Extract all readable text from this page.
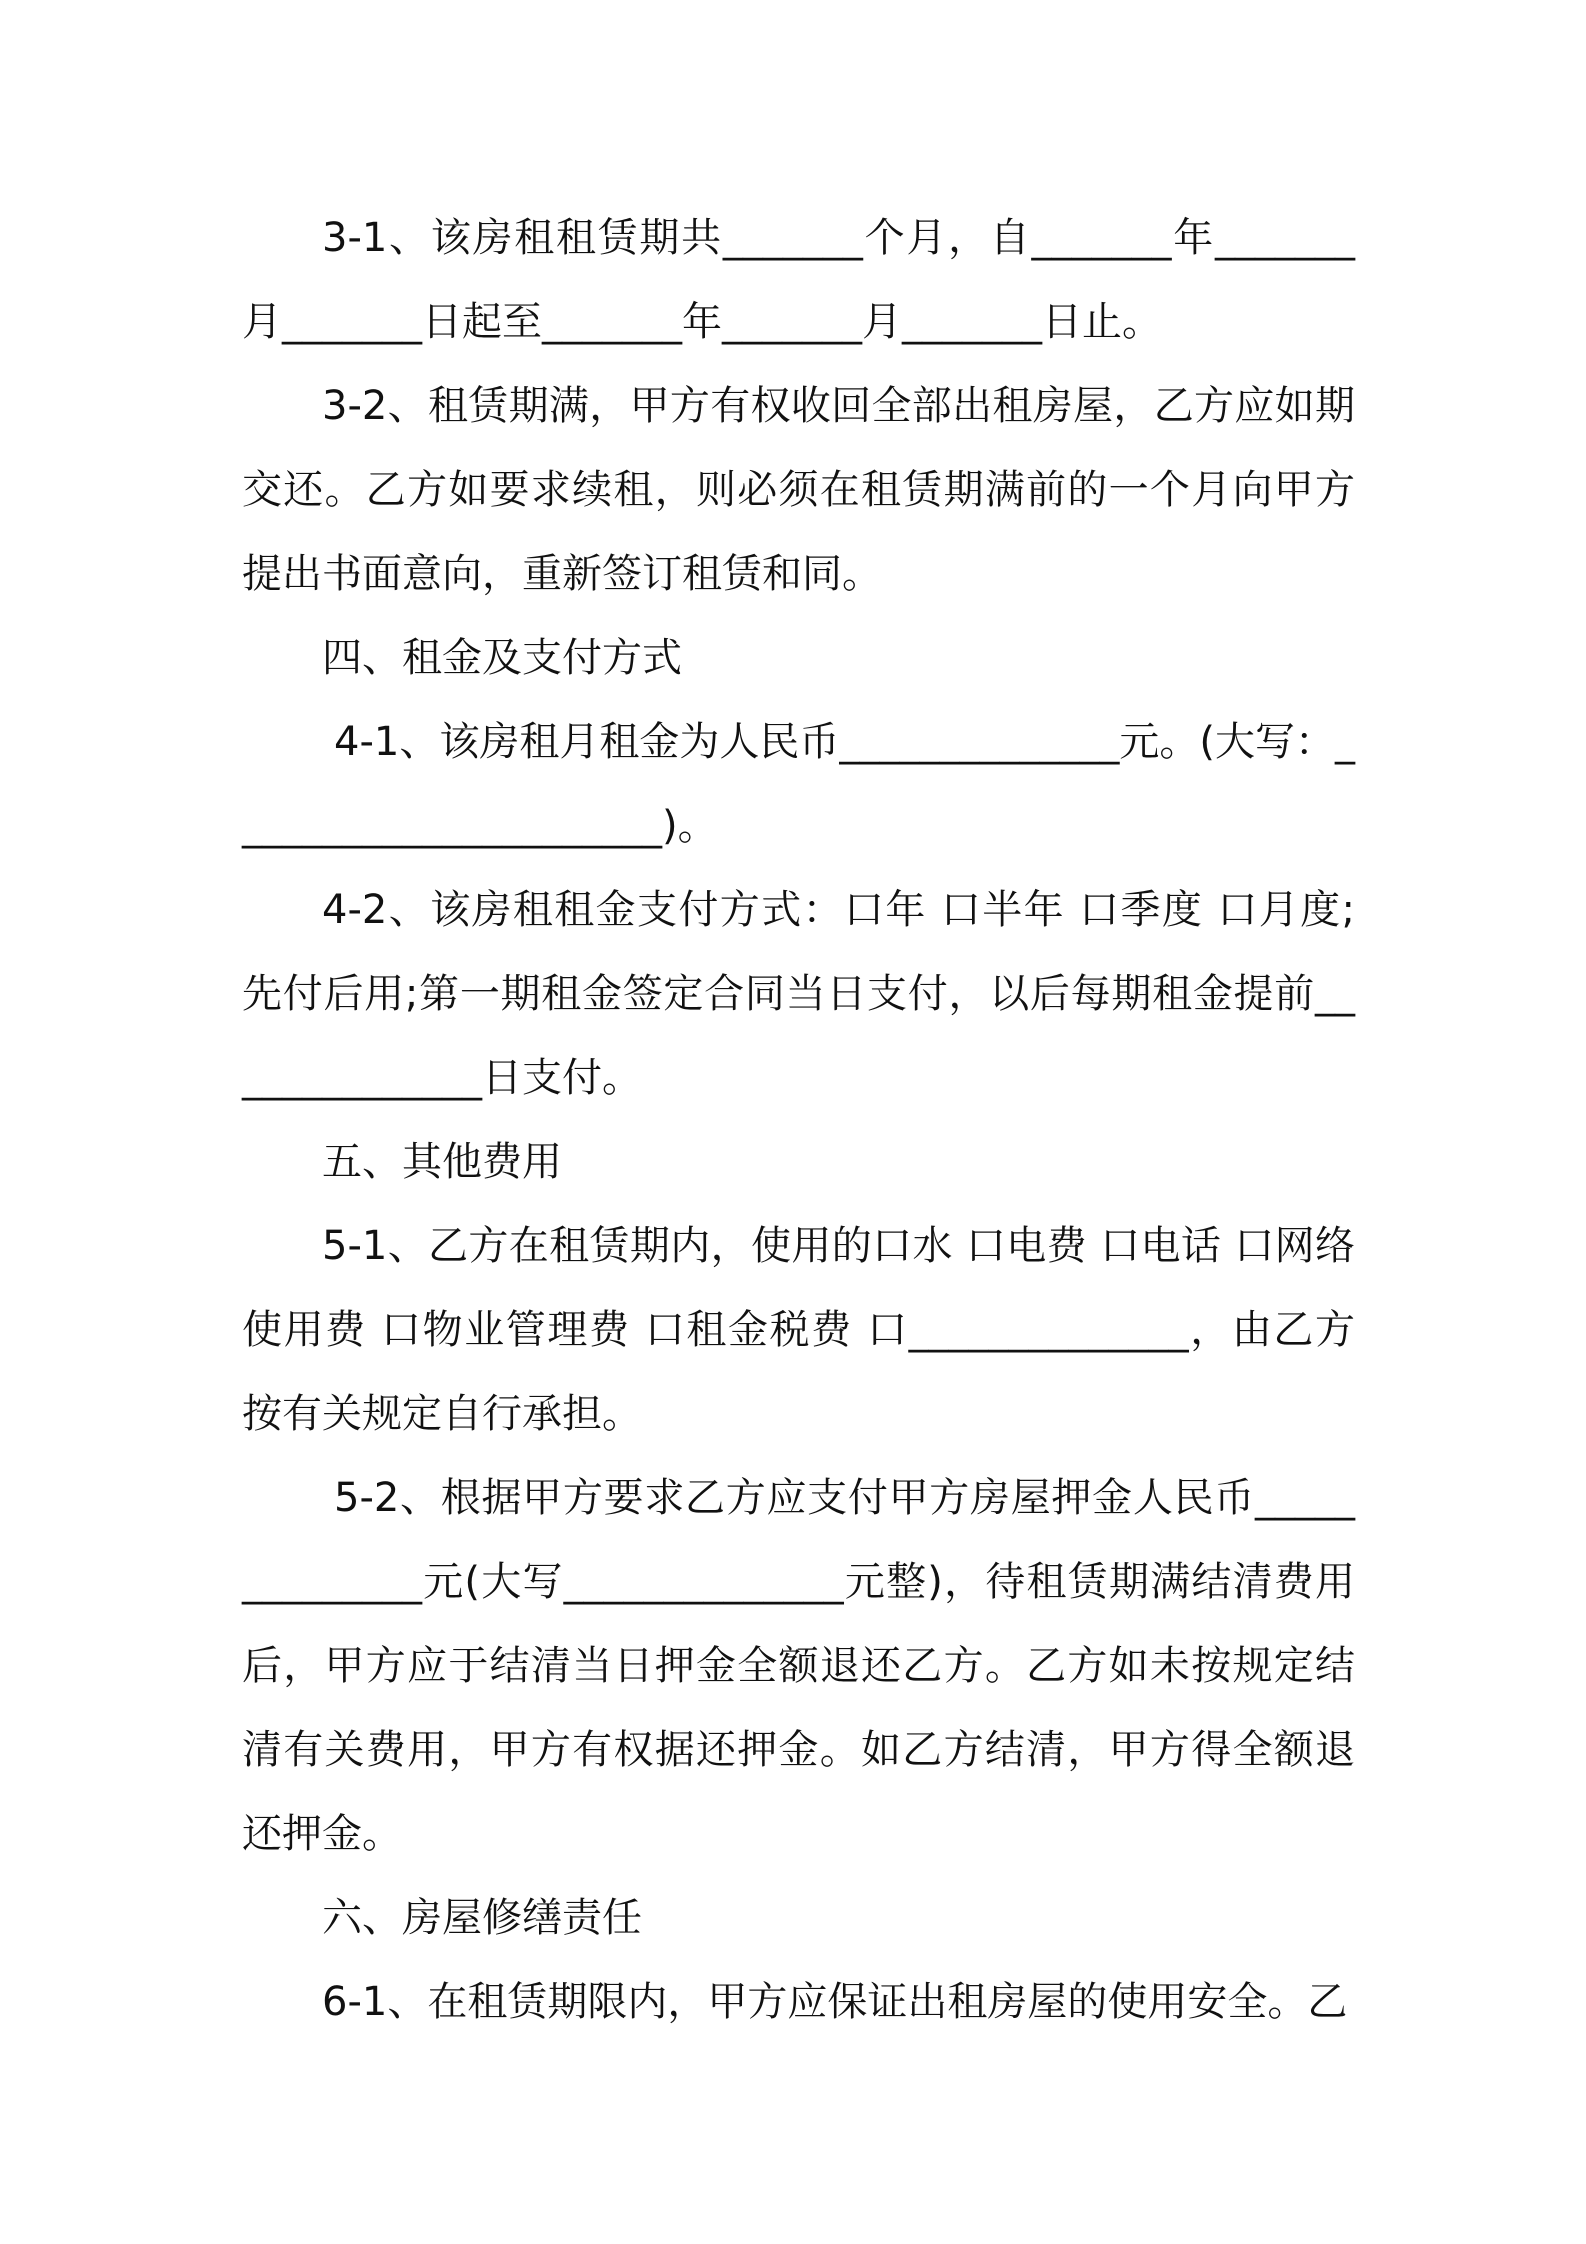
3-1、该房租租赁期共_______个月，自_______年_______月_______日起至_______年_______月_______日止。

3-2、租赁期满，甲方有权收回全部出租房屋，乙方应如期交还。乙方如要求续租，则必须在租赁期满前的一个月向甲方提出书面意向，重新签订租赁和同。

四、租金及支付方式

4-1、该房租月租金为人民币______________元。(大写：______________________)。

4-2、该房租租金支付方式：口年 口半年 口季度 口月度;先付后用;第一期租金签定合同当日支付，以后每期租金提前______________日支付。

五、其他费用

5-1、乙方在租赁期内，使用的口水 口电费 口电话 口网络使用费 口物业管理费 口租金税费 口______________，由乙方按有关规定自行承担。

5-2、根据甲方要求乙方应支付甲方房屋押金人民币______________元(大写______________元整)，待租赁期满结清费用后，甲方应于结清当日押金全额退还乙方。乙方如未按规定结清有关费用，甲方有权据还押金。如乙方结清，甲方得全额退还押金。

六、房屋修缮责任

6-1、在租赁期限内，甲方应保证出租房屋的使用安全。乙
